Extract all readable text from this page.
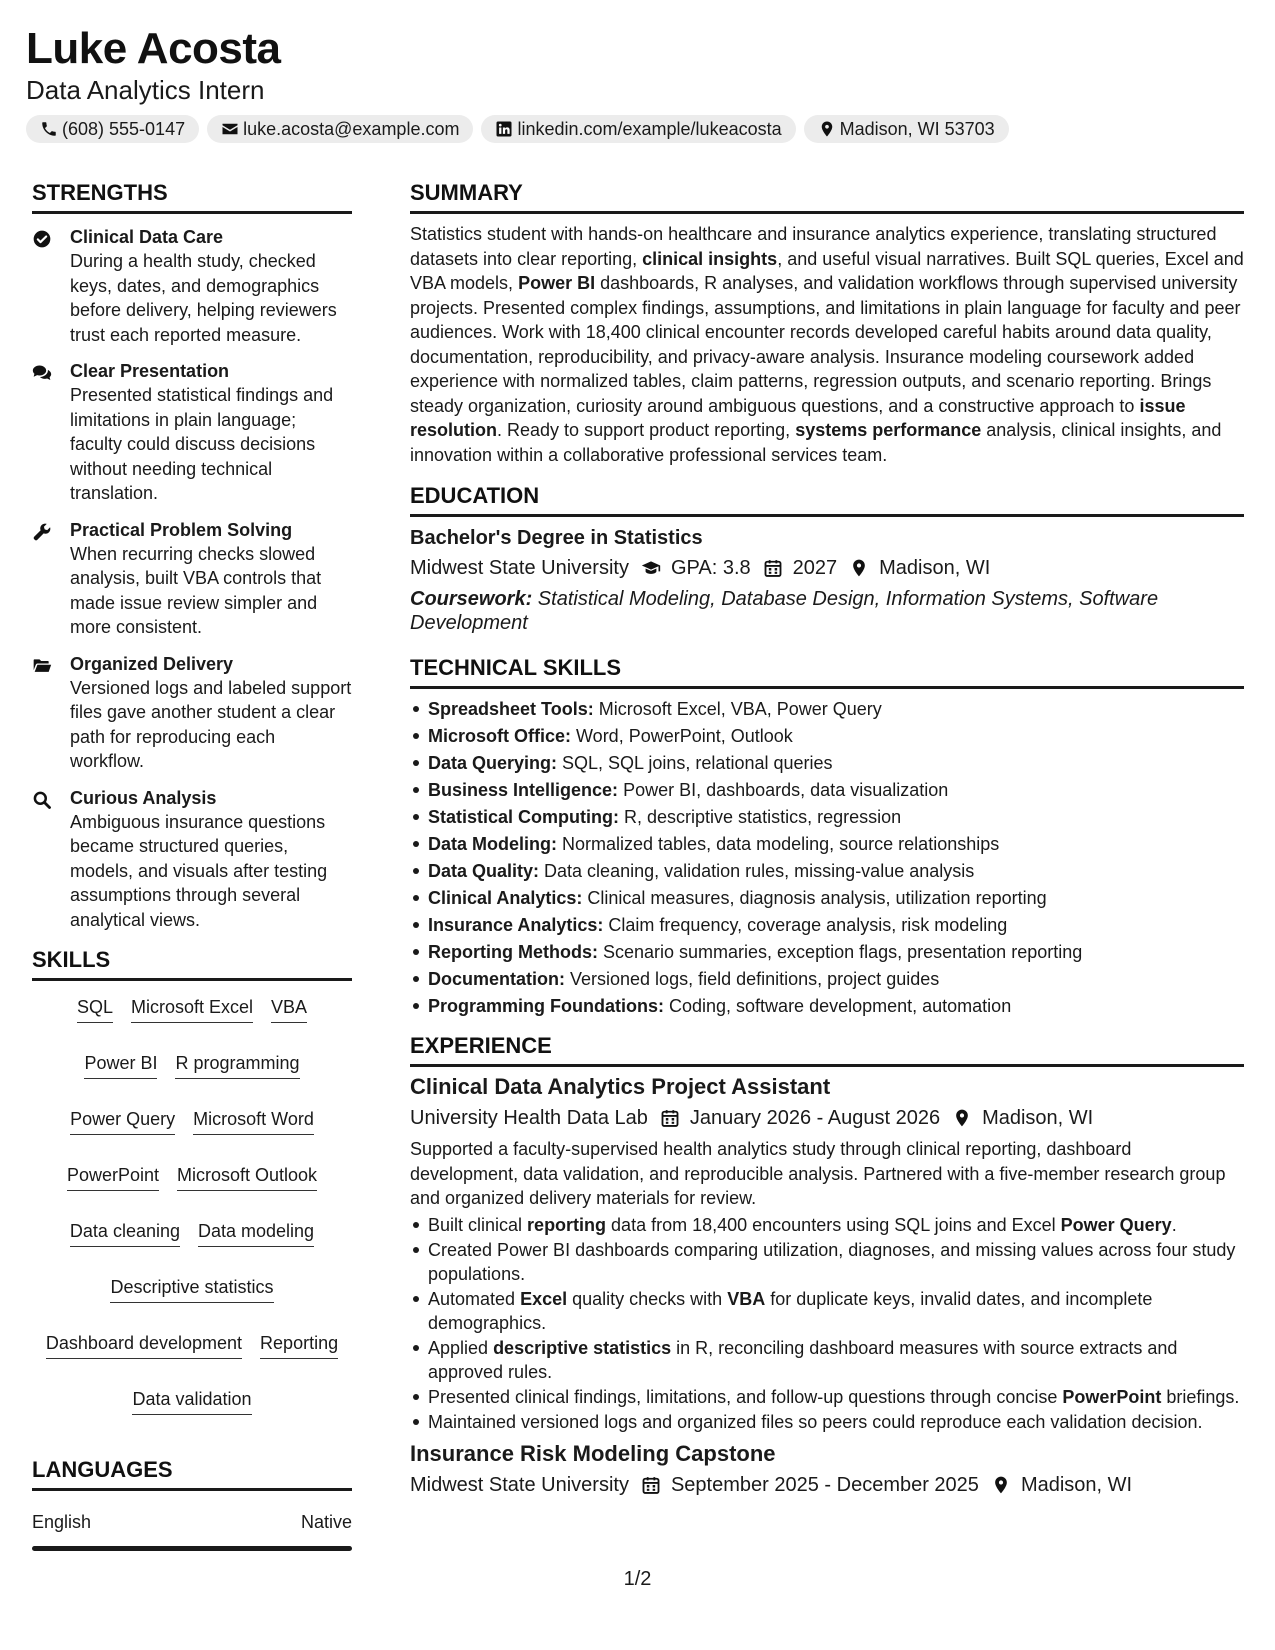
Luke Acosta
Data Analytics Intern
(608) 555-0147	luke.acosta@example.com	linkedin.com/example/lukeacosta	Madison, WI 53703
STRENGTHS
Clinical Data Care
During a health study, checked keys, dates, and demographics before delivery, helping reviewers trust each reported measure.
Clear Presentation
Presented statistical findings and limitations in plain language; faculty could discuss decisions without needing technical translation.
Practical Problem Solving
When recurring checks slowed analysis, built VBA controls that made issue review simpler and more consistent.
Organized Delivery
Versioned logs and labeled support files gave another student a clear path for reproducing each workflow.
Curious Analysis
Ambiguous insurance questions became structured queries, models, and visuals after testing assumptions through several analytical views.
SKILLS
SQL Microsoft Excel VBA
Power BI R programming
Power Query Microsoft Word
PowerPoint Microsoft Outlook
Data cleaning Data modeling
Descriptive statistics
Dashboard development Reporting
Data validation
LANGUAGES
English	Native
SUMMARY

Statistics student with hands-on healthcare and insurance analytics experience, translating structured datasets into clear reporting, clinical insights, and useful visual narratives. Built SQL queries, Excel and VBA models, Power BI dashboards, R analyses, and validation workflows through supervised university projects. Presented complex findings, assumptions, and limitations in plain language for faculty and peer audiences. Work with 18,400 clinical encounter records developed careful habits around data quality, documentation, reproducibility, and privacy-aware analysis. Insurance modeling coursework added experience with normalized tables, claim patterns, regression outputs, and scenario reporting. Brings steady organization, curiosity around ambiguous questions, and a constructive approach to issue resolution. Ready to support product reporting, systems performance analysis, clinical insights, and innovation within a collaborative professional services team.

EDUCATION
Bachelor's Degree in Statistics
Midwest State University GPA: 3.8 2027 Madison, WI

Coursework: Statistical Modeling, Database Design, Information Systems, Software Development

TECHNICAL SKILLS
Spreadsheet Tools: Microsoft Excel, VBA, Power Query
Microsoft Office: Word, PowerPoint, Outlook
Data Querying: SQL, SQL joins, relational queries
Business Intelligence: Power BI, dashboards, data visualization
Statistical Computing: R, descriptive statistics, regression
Data Modeling: Normalized tables, data modeling, source relationships
Data Quality: Data cleaning, validation rules, missing-value analysis
Clinical Analytics: Clinical measures, diagnosis analysis, utilization reporting
Insurance Analytics: Claim frequency, coverage analysis, risk modeling
Reporting Methods: Scenario summaries, exception flags, presentation reporting
Documentation: Versioned logs, field definitions, project guides
Programming Foundations: Coding, software development, automation
EXPERIENCE
Clinical Data Analytics Project Assistant
University Health Data Lab January 2026 - August 2026 Madison, WI

Supported a faculty-supervised health analytics study through clinical reporting, dashboard development, data validation, and reproducible analysis. Partnered with a five-member research group and organized delivery materials for review.

Built clinical reporting data from 18,400 encounters using SQL joins and Excel Power Query.
Created Power BI dashboards comparing utilization, diagnoses, and missing values across four study populations.
Automated Excel quality checks with VBA for duplicate keys, invalid dates, and incomplete demographics.
Applied descriptive statistics in R, reconciling dashboard measures with source extracts and approved rules.
Presented clinical findings, limitations, and follow-up questions through concise PowerPoint briefings.
Maintained versioned logs and organized files so peers could reproduce each validation decision.
Insurance Risk Modeling Capstone
Midwest State University September 2025 - December 2025 Madison, WI
1/2
